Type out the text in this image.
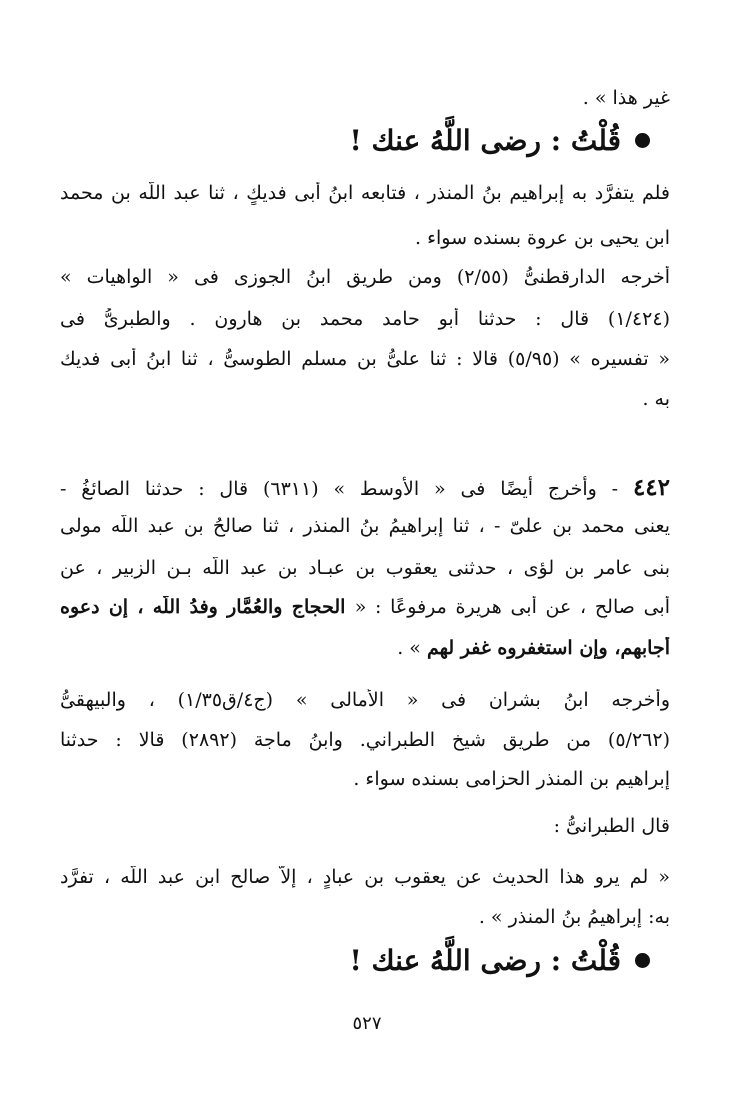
غير هذا » .
قُلْتُ : رضى اللَّهُ عنك !
فلم يتفرَّد به إبراهيم بنُ المنذر ، فتابعه ابنُ أبى فديكٍ ، ثنا عبد اللَّه بن محمد
ابن يحيى بن عروة بسنده سواء .
أخرجه الدارقطنىُّ (٢/٥٥) ومن طريق ابنُ الجوزى فى « الواهيات »
(١/٤٢٤) قال : حدثنا أبو حامد محمد بن هارون . والطبرىُّ فى
« تفسيره » (٥/٩٥) قالا : ثنا علىُّ بن مسلم الطوسىُّ ، ثنا ابنُ أبى فديك
به .
٤٤٢ - وأخرج أيضًا فى « الأوسط » (٦٣١١) قال : حدثنا الصائغُ -
يعنى محمد بن علىّ - ، ثنا إبراهيمُ بنُ المنذر ، ثنا صالحُ بن عبد اللَّه مولى
بنى عامر بن لؤى ، حدثنى يعقوب بن عبـاد بن عبد اللَّه بـن الزبير ، عن
أبى صالحٍ ، عن أبى هريرة مرفوعًا : « الحجاج والعُمَّار وفدُ اللَّه ، إن دعوه
أجابهم، وإن استغفروه غفر لهم » .
وأخرجه ابنُ بشران فى « الأمالى » (ج٤/ق١/٣٥) ، والبيهقىُّ
(٥/٢٦٢) من طريق شيخ الطبراني. وابنُ ماجة (٢٨٩٢) قالا : حدثنا
إبراهيم بن المنذر الحزامى بسنده سواء .
قال الطبرانىُّ :
« لم يرو هذا الحديث عن يعقوب بن عبادٍ ، إلاَّ صالح ابن عبد اللَّه ، تفرَّد
به: إبراهيمُ بنُ المنذر » .
قُلْتُ : رضى اللَّهُ عنك !
٥٢٧
